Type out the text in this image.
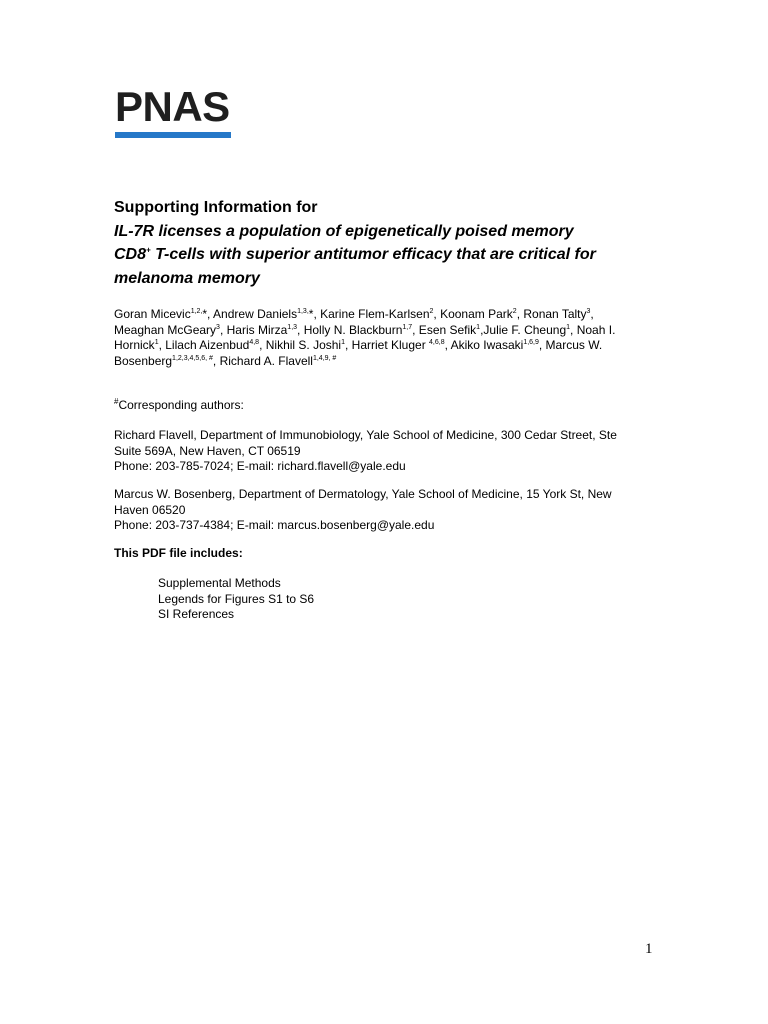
PNAS
Supporting Information for
IL-7R licenses a population of epigenetically poised memory
CD8+ T-cells with superior antitumor efficacy that are critical for
melanoma memory
Goran Micevic$^{1,2,}$*, Andrew Daniels$^{1,3,}$*, Karine Flem-Karlsen$^2$, Koonam Park$^2$, Ronan Talty$^3$,
Meaghan McGeary$^3$, Haris Mirza$^{1,3}$, Holly N. Blackburn$^{1,7}$, Esen Sefik$^1$,Julie F. Cheung$^1$, Noah I.
Hornick$^1$, Lilach Aizenbud$^{4,8}$, Nikhil S. Joshi$^1$, Harriet Kluger $^{4,6,8}$, Akiko Iwasaki$^{1,6,9}$, Marcus W.
Bosenberg$^{1,2,3,4,5,6, \#}$, Richard A. Flavell$^{1,4,9, \#}$
#Corresponding authors:
Richard Flavell, Department of Immunobiology, Yale School of Medicine, 300 Cedar Street, Ste
Suite 569A, New Haven, CT 06519
Phone: 203-785-7024; E-mail: richard.flavell@yale.edu
Marcus W. Bosenberg, Department of Dermatology, Yale School of Medicine, 15 York St, New
Haven 06520
Phone: 203-737-4384; E-mail: marcus.bosenberg@yale.edu
This PDF file includes:
Supplemental Methods
Legends for Figures S1 to S6
SI References
1
